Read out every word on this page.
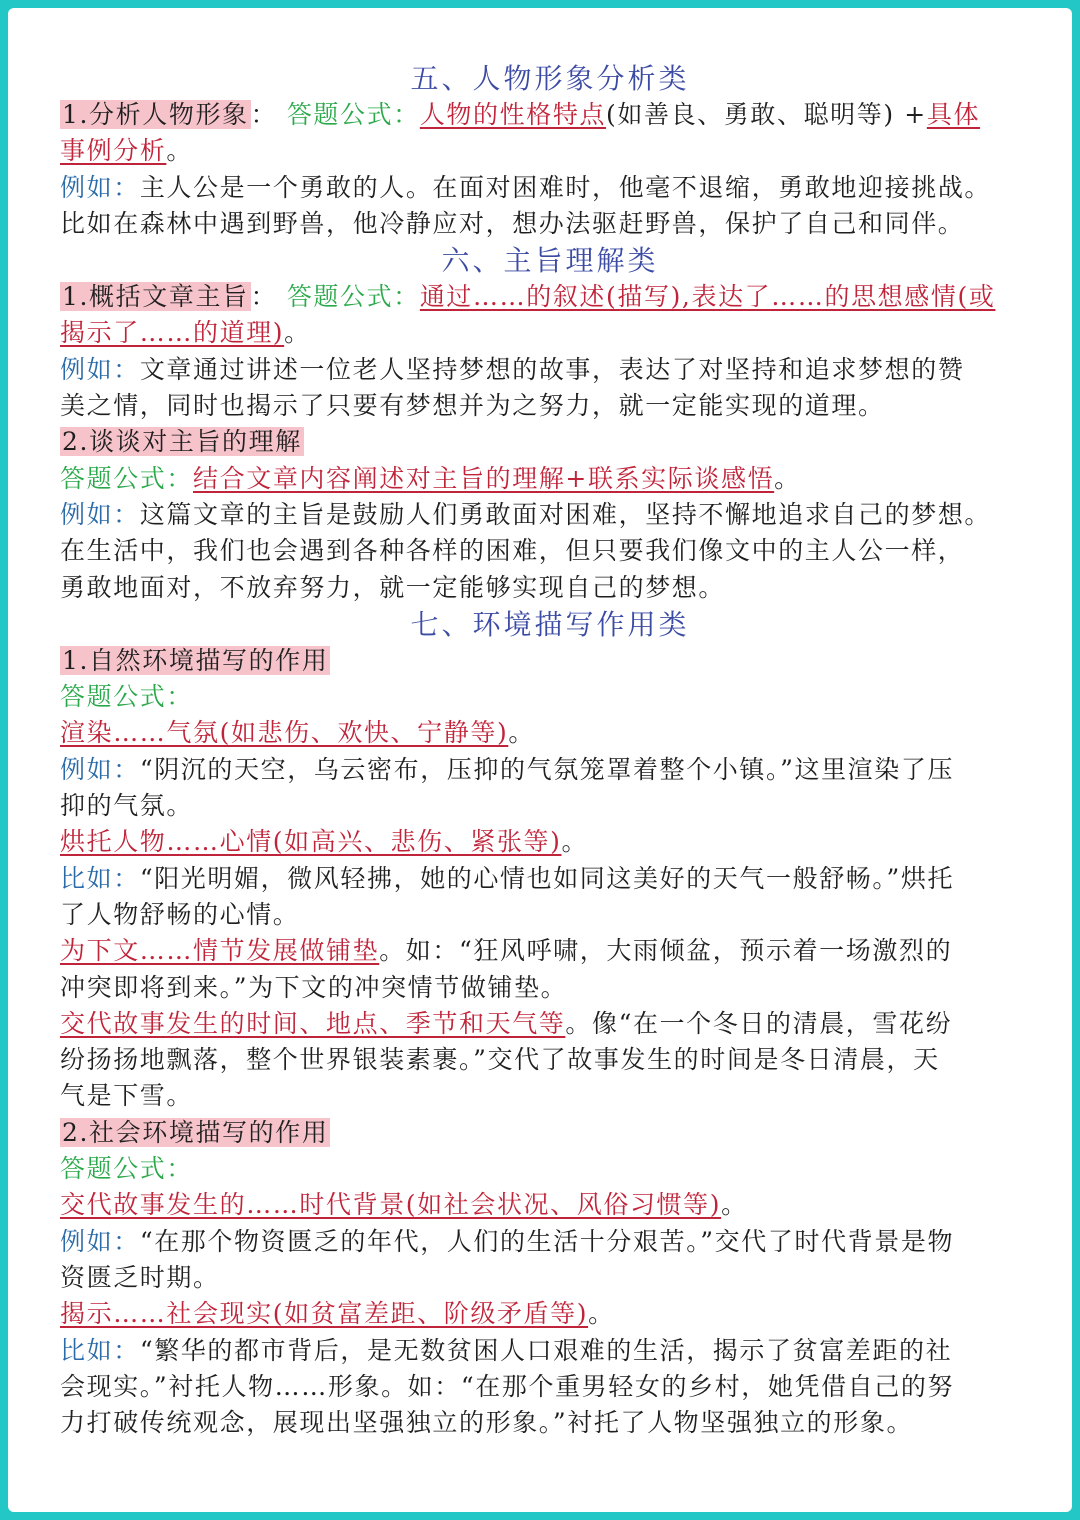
五、人物形象分析类
1.分析人物形象： 答题公式：人物的性格特点(如善良、勇敢、聪明等) +具体
事例分析。
例如：主人公是一个勇敢的人。在面对困难时，他毫不退缩，勇敢地迎接挑战。
比如在森林中遇到野兽，他冷静应对，想办法驱赶野兽，保护了自己和同伴。
六、主旨理解类
1.概括文章主旨： 答题公式：通过……的叙述(描写),表达了……的思想感情(或
揭示了……的道理)。
例如：文章通过讲述一位老人坚持梦想的故事，表达了对坚持和追求梦想的赞
美之情，同时也揭示了只要有梦想并为之努力，就一定能实现的道理。
2.谈谈对主旨的理解
答题公式：结合文章内容阐述对主旨的理解+联系实际谈感悟。
例如：这篇文章的主旨是鼓励人们勇敢面对困难，坚持不懈地追求自己的梦想。
在生活中，我们也会遇到各种各样的困难，但只要我们像文中的主人公一样，
勇敢地面对，不放弃努力，就一定能够实现自己的梦想。
七、环境描写作用类
1.自然环境描写的作用
答题公式：
渲染……气氛(如悲伤、欢快、宁静等)。
例如：“阴沉的天空，乌云密布，压抑的气氛笼罩着整个小镇。”这里渲染了压
抑的气氛。
烘托人物……心情(如高兴、悲伤、紧张等)。
比如：“阳光明媚，微风轻拂，她的心情也如同这美好的天气一般舒畅。”烘托
了人物舒畅的心情。
为下文……情节发展做铺垫。如：“狂风呼啸，大雨倾盆，预示着一场激烈的
冲突即将到来。”为下文的冲突情节做铺垫。
交代故事发生的时间、地点、季节和天气等。像“在一个冬日的清晨，雪花纷
纷扬扬地飘落，整个世界银装素裹。”交代了故事发生的时间是冬日清晨，天
气是下雪。
2.社会环境描写的作用
答题公式：
交代故事发生的……时代背景(如社会状况、风俗习惯等)。
例如：“在那个物资匮乏的年代，人们的生活十分艰苦。”交代了时代背景是物
资匮乏时期。
揭示……社会现实(如贫富差距、阶级矛盾等)。
比如：“繁华的都市背后，是无数贫困人口艰难的生活，揭示了贫富差距的社
会现实。”衬托人物……形象。如：“在那个重男轻女的乡村，她凭借自己的努
力打破传统观念，展现出坚强独立的形象。”衬托了人物坚强独立的形象。
